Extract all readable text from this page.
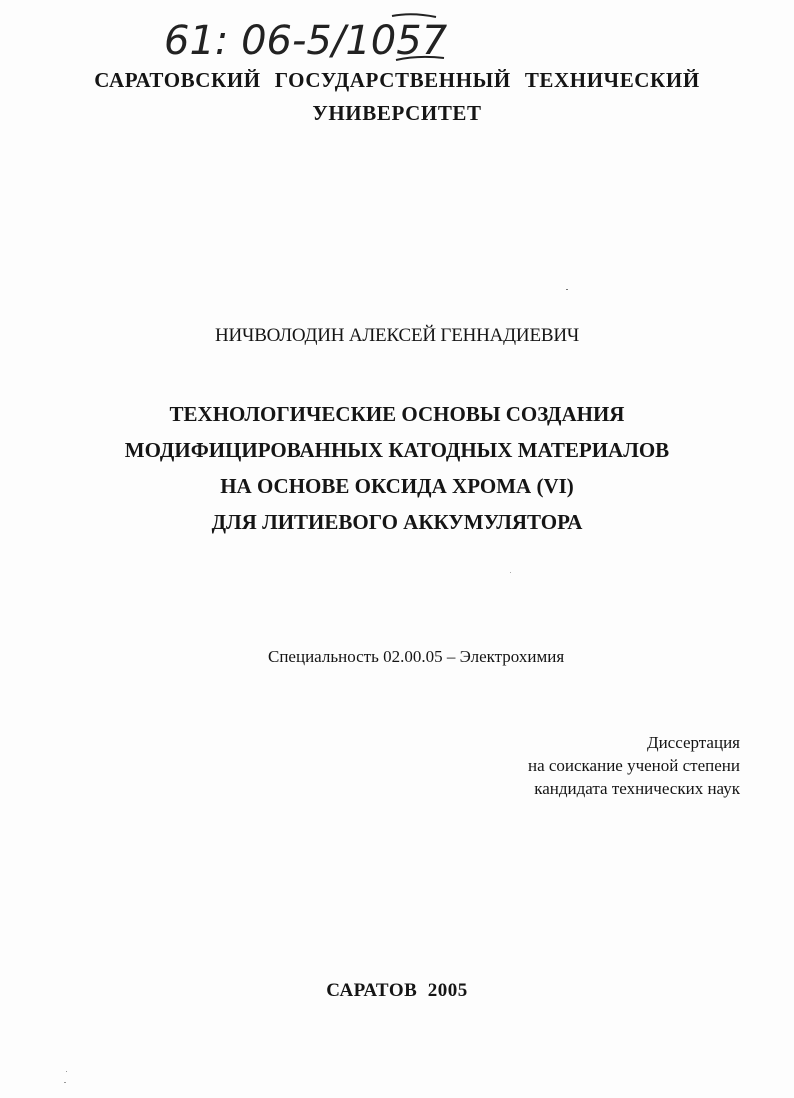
61: 06-5/1057
САРАТОВСКИЙ ГОСУДАРСТВЕННЫЙ ТЕХНИЧЕСКИЙ
УНИВЕРСИТЕТ
НИЧВОЛОДИН АЛЕКСЕЙ ГЕННАДИЕВИЧ
ТЕХНОЛОГИЧЕСКИЕ ОСНОВЫ СОЗДАНИЯ
МОДИФИЦИРОВАННЫХ КАТОДНЫХ МАТЕРИАЛОВ
НА ОСНОВЕ ОКСИДА ХРОМА (VI)
ДЛЯ ЛИТИЕВОГО АККУМУЛЯТОРА
Специальность 02.00.05 – Электрохимия
Диссертация
на соискание ученой степени
кандидата технических наук
САРАТОВ  2005
